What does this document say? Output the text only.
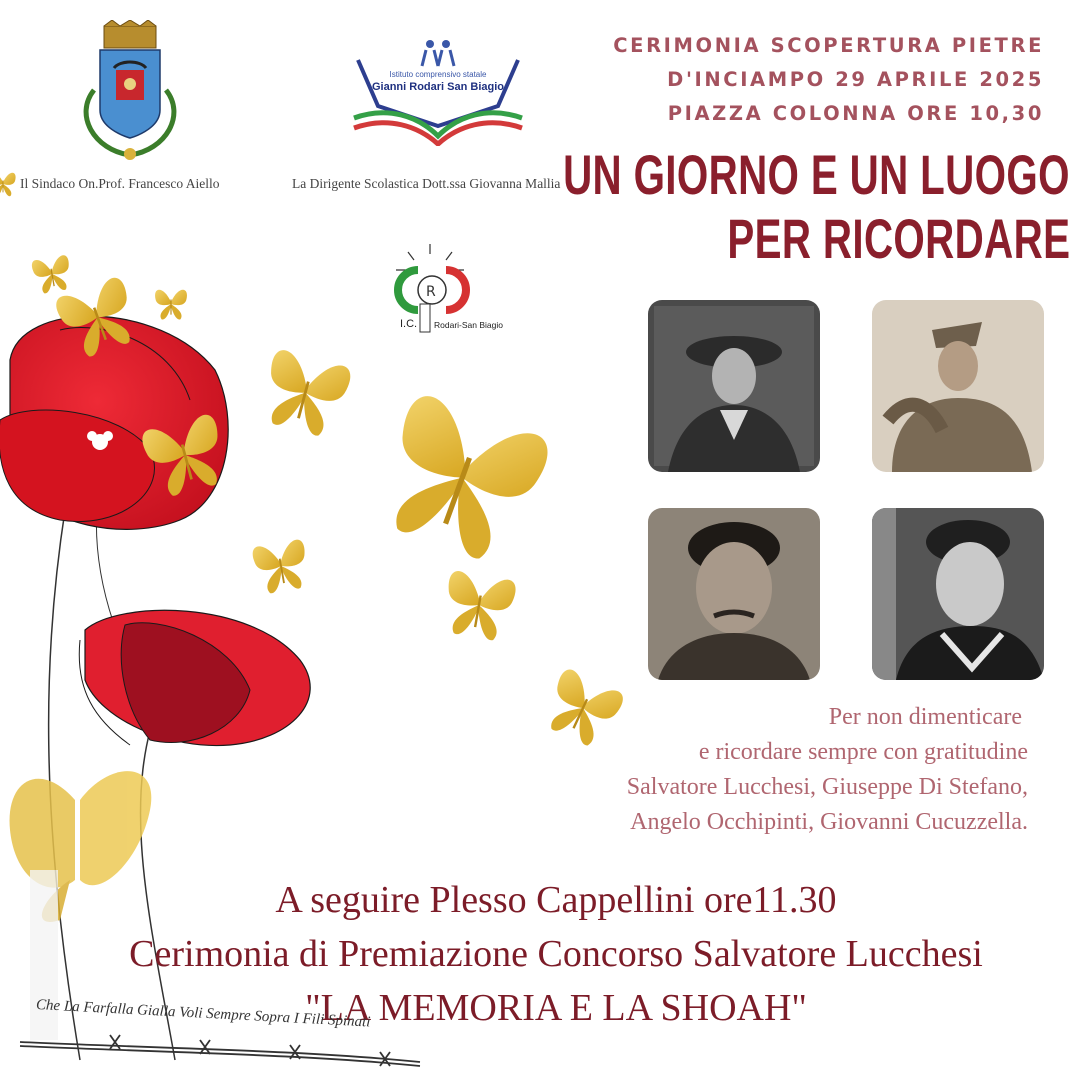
Istituto comprensivo statale
Gianni Rodari San Biagio
R
I.C. Rodari-San Biagio
Il Sindaco On.Prof. Francesco Aiello	La Dirigente Scolastica Dott.ssa Giovanna Mallia
CERIMONIA SCOPERTURA PIETRE
D'INCIAMPO 29 APRILE 2025
PIAZZA COLONNA ORE 10,30
UN GIORNO E UN LUOGO
PER RICORDARE
Per non dimenticare
e ricordare sempre con gratitudine
Salvatore Lucchesi, Giuseppe Di Stefano,
Angelo Occhipinti, Giovanni Cucuzzella.
A seguire Plesso Cappellini ore11.30
Cerimonia di Premiazione Concorso Salvatore Lucchesi
"LA MEMORIA E LA SHOAH"
Che La Farfalla Gialla Voli Sempre Sopra I Fili Spinati
